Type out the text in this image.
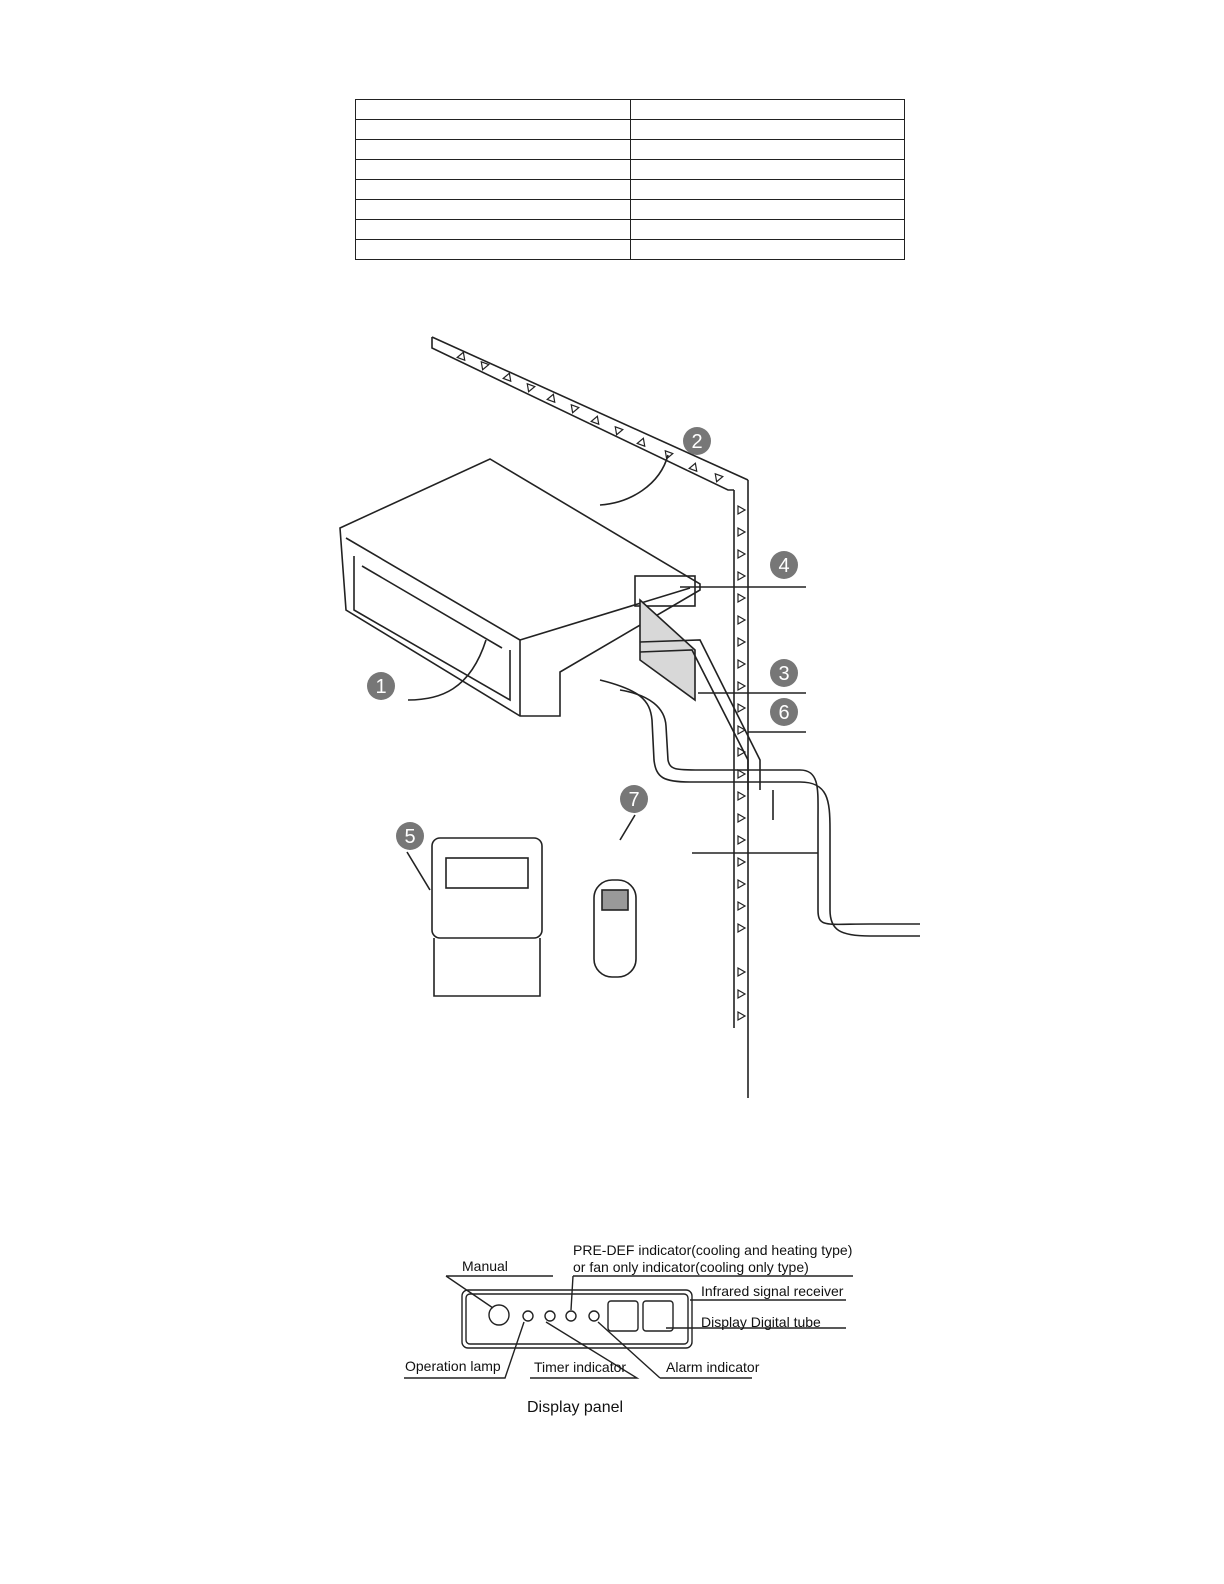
1
2
3
4
5
6
7
Manual
PRE-DEF indicator(cooling and heating type)
or fan only indicator(cooling only type)
Infrared signal receiver
Display Digital tube
Operation lamp Timer indicator	Alarm indicator
Display panel
